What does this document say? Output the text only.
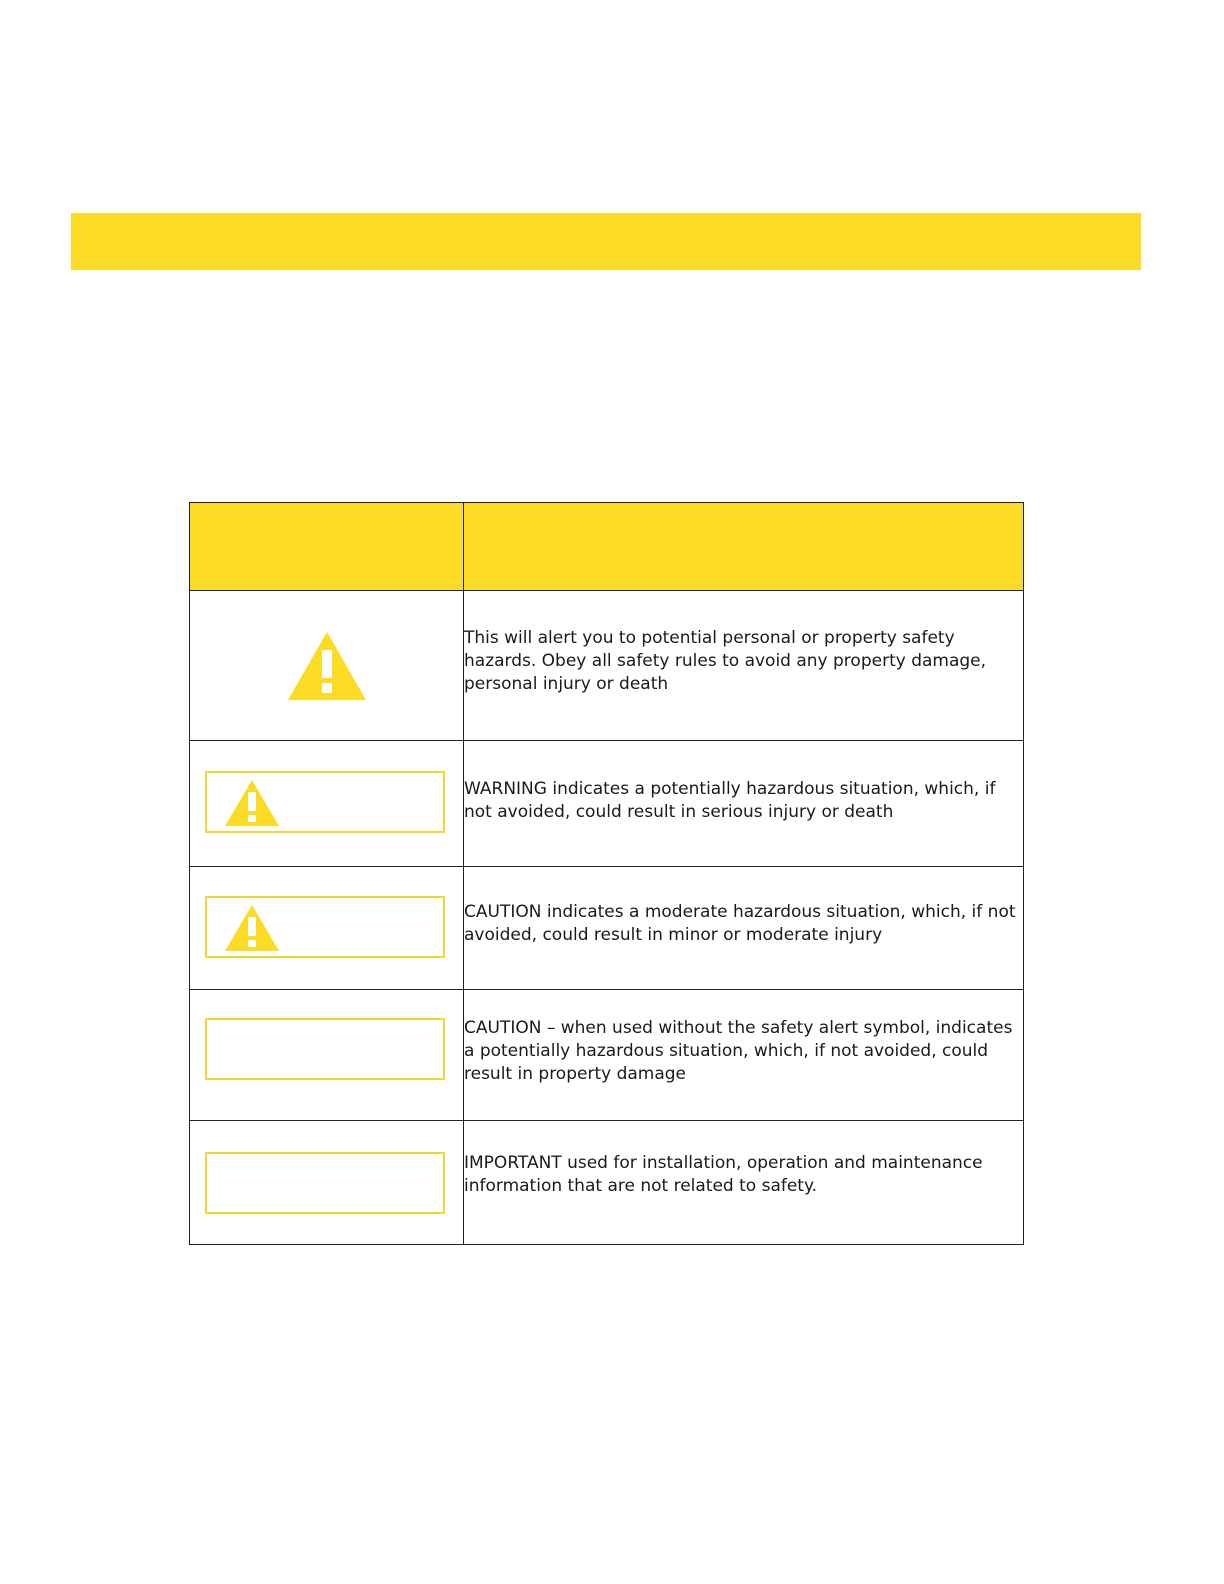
This will alert you to potential personal or property safety hazards. Obey all safety rules to avoid any property damage, personal injury or death

WARNING indicates a potentially hazardous situation, which, if not avoided, could result in serious injury or death

CAUTION indicates a moderate hazardous situation, which, if not avoided, could result in minor or moderate injury

	CAUTION – when used without the safety alert symbol, indicates a potentially hazardous situation, which, if not avoided, could result in property damage

	IMPORTANT used for installation, operation and maintenance information that are not related to safety.
